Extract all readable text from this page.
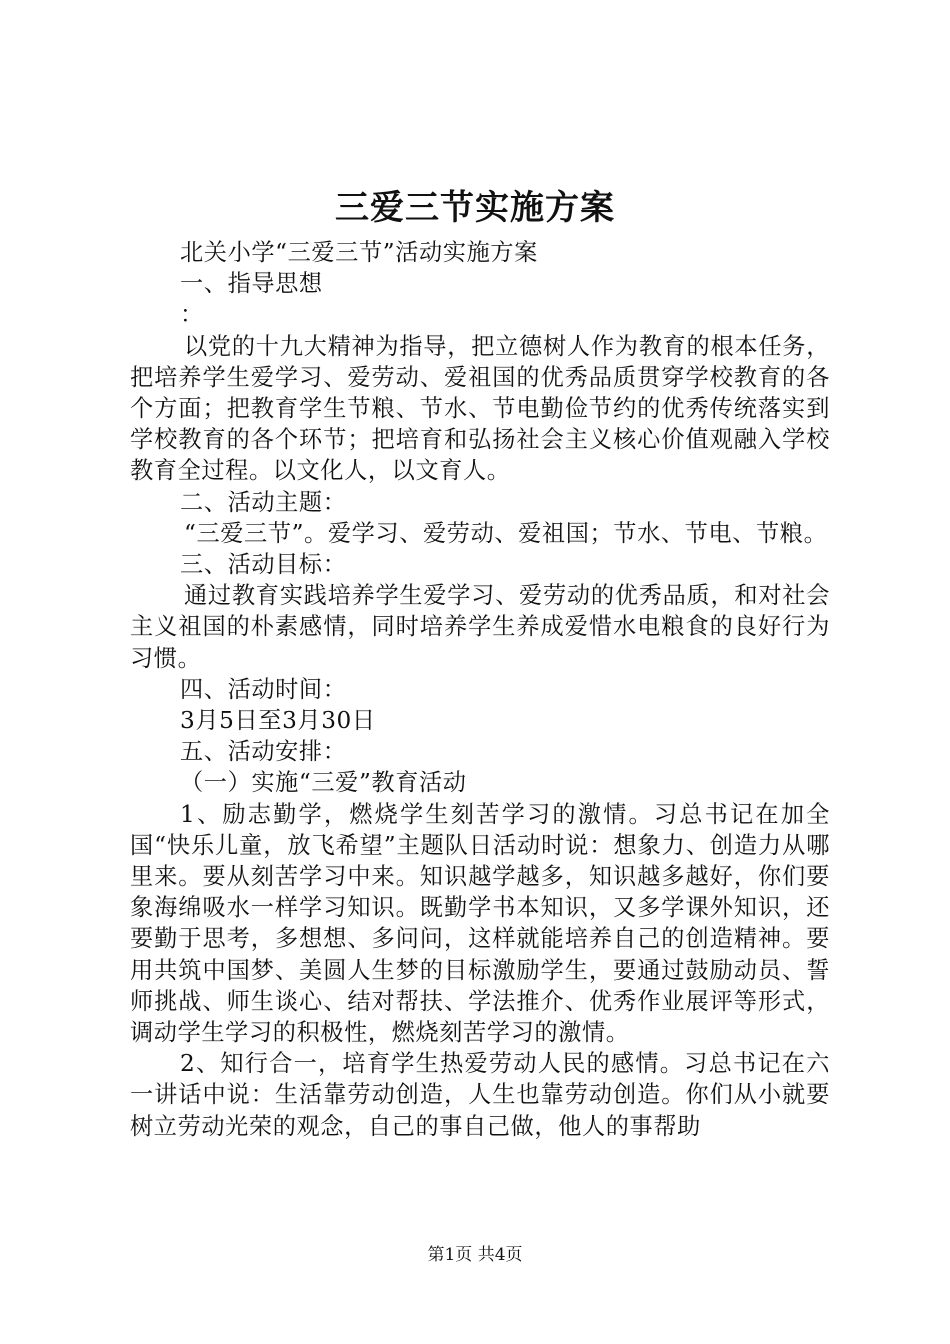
三爱三节实施方案

北关小学“三爱三节”活动实施方案

一、指导思想

：

以党的十九大精神为指导，把立德树人作为教育的根本任务，把培养学生爱学习、爱劳动、爱祖国的优秀品质贯穿学校教育的各个方面；把教育学生节粮、节水、节电勤俭节约的优秀传统落实到学校教育的各个环节；把培育和弘扬社会主义核心价值观融入学校教育全过程。以文化人，以文育人。

二、活动主题：

“三爱三节”。爱学习、爱劳动、爱祖国；节水、节电、节粮。

三、活动目标：

通过教育实践培养学生爱学习、爱劳动的优秀品质，和对社会主义祖国的朴素感情，同时培养学生养成爱惜水电粮食的良好行为习惯。

四、活动时间：

3月5日至3月30日

五、活动安排：

（一）实施“三爱”教育活动

1、励志勤学，燃烧学生刻苦学习的激情。习总书记在加全国“快乐儿童，放飞希望”主题队日活动时说：想象力、创造力从哪里来。要从刻苦学习中来。知识越学越多，知识越多越好，你们要象海绵吸水一样学习知识。既勤学书本知识，又多学课外知识，还要勤于思考，多想想、多问问，这样就能培养自己的创造精神。要用共筑中国梦、美圆人生梦的目标激励学生，要通过鼓励动员、誓师挑战、师生谈心、结对帮扶、学法推介、优秀作业展评等形式，调动学生学习的积极性，燃烧刻苦学习的激情。

2、知行合一，培育学生热爱劳动人民的感情。习总书记在六一讲话中说：生活靠劳动创造，人生也靠劳动创造。你们从小就要树立劳动光荣的观念，自己的事自己做，他人的事帮助

第1页 共4页
